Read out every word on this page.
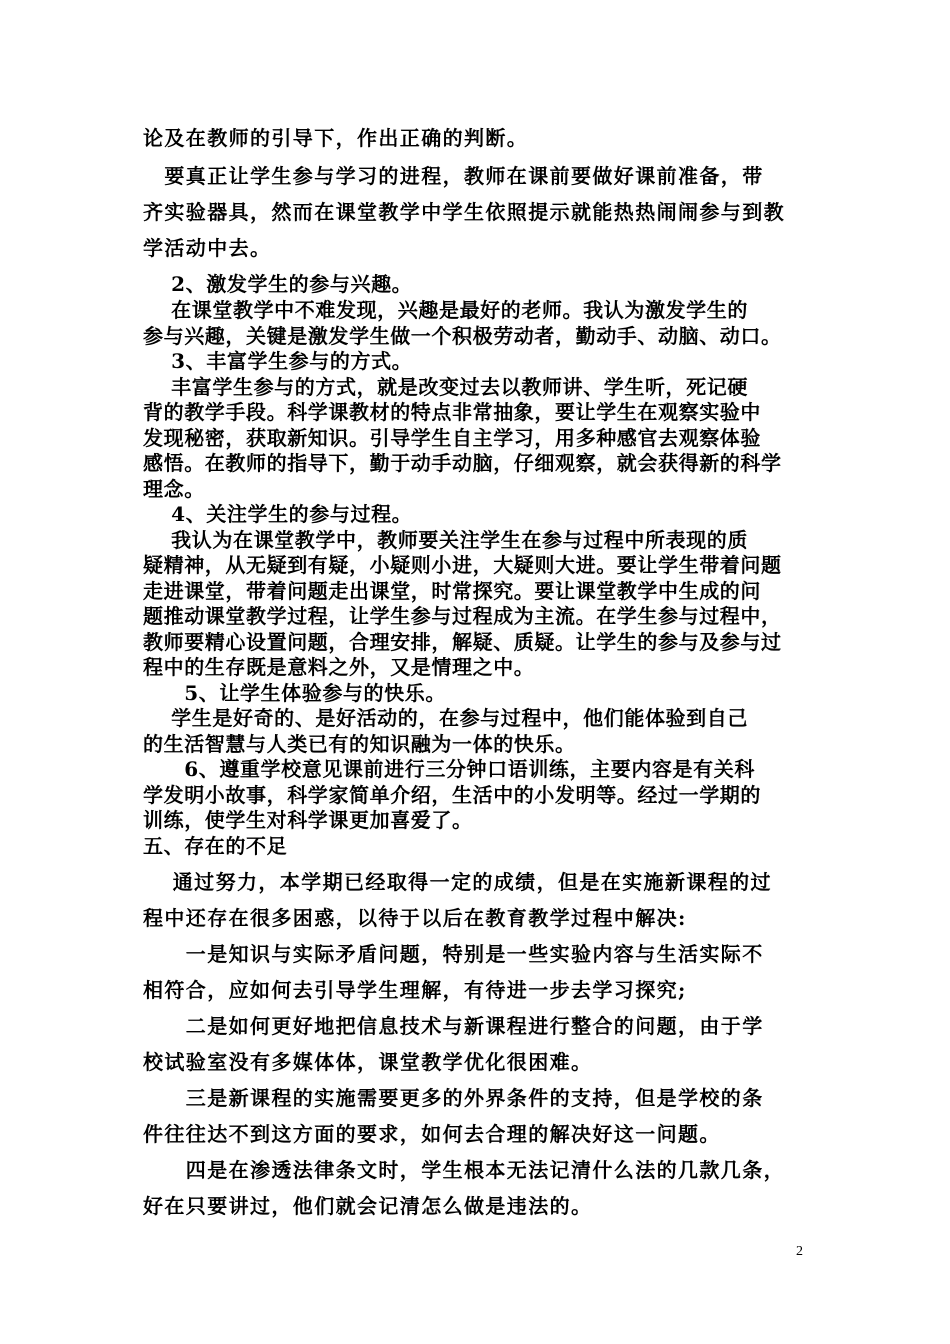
论及在教师的引导下，作出正确的判断。
　要真正让学生参与学习的进程，教师在课前要做好课前准备，带
齐实验器具，然而在课堂教学中学生依照提示就能热热闹闹参与到教
学活动中去。
　 2、激发学生的参与兴趣。
　 在课堂教学中不难发现，兴趣是最好的老师。我认为激发学生的
参与兴趣，关键是激发学生做一个积极劳动者，勤动手、动脑、动口。
　 3、丰富学生参与的方式。
　 丰富学生参与的方式，就是改变过去以教师讲、学生听，死记硬
背的教学手段。科学课教材的特点非常抽象，要让学生在观察实验中
发现秘密，获取新知识。引导学生自主学习，用多种感官去观察体验
感悟。在教师的指导下，勤于动手动脑，仔细观察，就会获得新的科学
理念。
　 4、关注学生的参与过程。
　 我认为在课堂教学中，教师要关注学生在参与过程中所表现的质
疑精神，从无疑到有疑，小疑则小进，大疑则大进。要让学生带着问题
走进课堂，带着问题走出课堂，时常探究。要让课堂教学中生成的问
题推动课堂教学过程，让学生参与过程成为主流。在学生参与过程中，
教师要精心设置问题，合理安排，解疑、质疑。让学生的参与及参与过
程中的生存既是意料之外，又是情理之中。
　　5、让学生体验参与的快乐。
　 学生是好奇的、是好活动的，在参与过程中，他们能体验到自己
的生活智慧与人类已有的知识融为一体的快乐。
　　6、遵重学校意见课前进行三分钟口语训练，主要内容是有关科
学发明小故事，科学家简单介绍，生活中的小发明等。经过一学期的
训练，使学生对科学课更加喜爱了。
五、存在的不足
　 通过努力，本学期已经取得一定的成绩，但是在实施新课程的过
程中还存在很多困惑，以待于以后在教育教学过程中解决:
　　一是知识与实际矛盾问题，特别是一些实验内容与生活实际不
相符合，应如何去引导学生理解，有待进一步去学习探究;
　　二是如何更好地把信息技术与新课程进行整合的问题，由于学
校试验室没有多媒体体，课堂教学优化很困难。
　　三是新课程的实施需要更多的外界条件的支持，但是学校的条
件往往达不到这方面的要求，如何去合理的解决好这一问题。
　　四是在渗透法律条文时，学生根本无法记清什么法的几款几条，
好在只要讲过，他们就会记清怎么做是违法的。
2
